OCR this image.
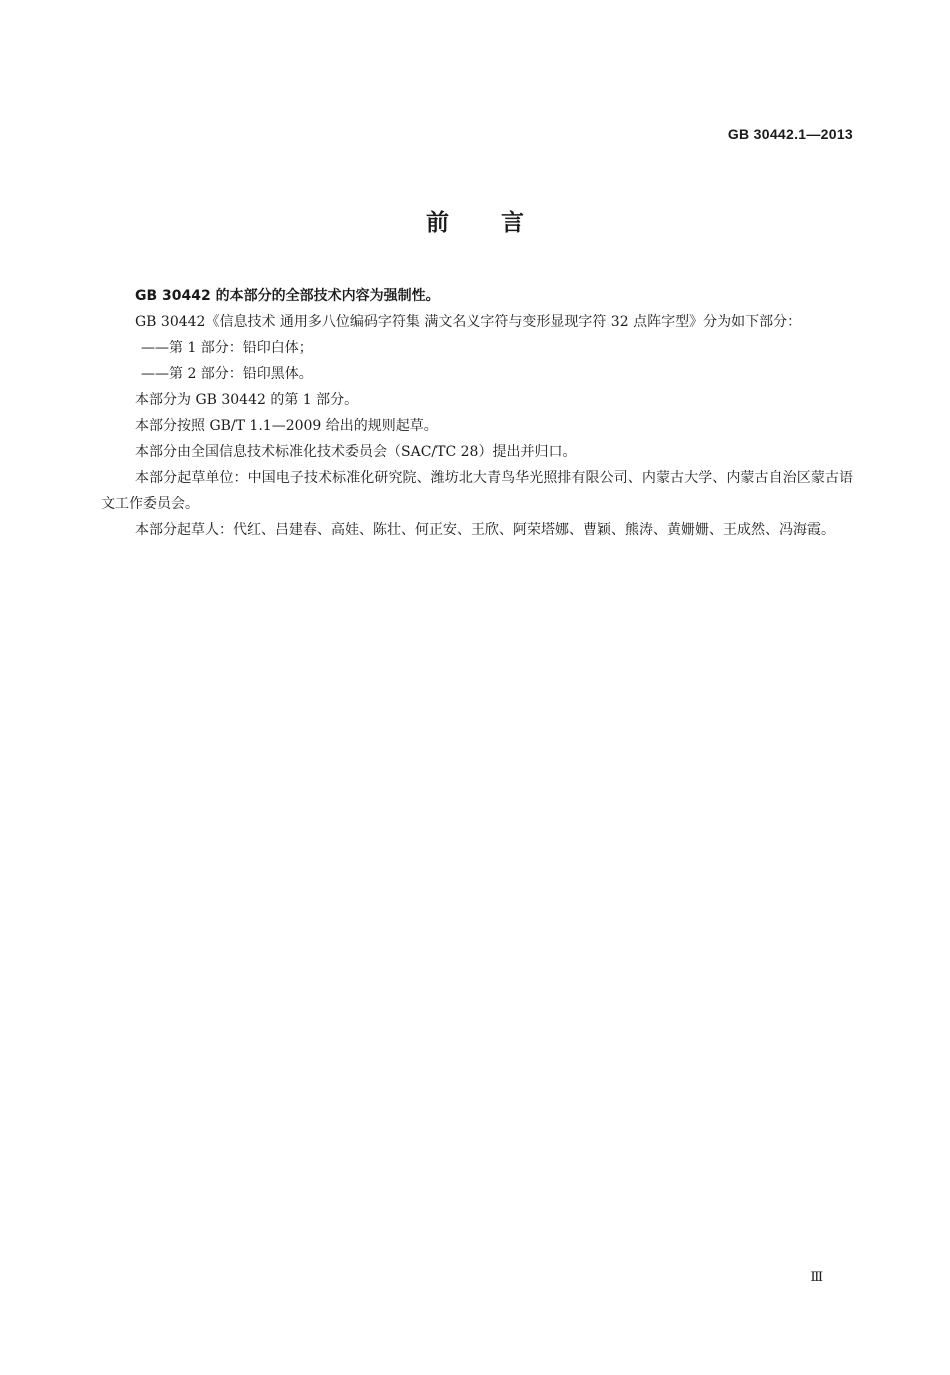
GB 30442.1—2013
前言

GB 30442 的本部分的全部技术内容为强制性。

GB 30442《信息技术 通用多八位编码字符集 满文名义字符与变形显现字符 32 点阵字型》分为如下部分：

——第 1 部分：铅印白体；

——第 2 部分：铅印黑体。

本部分为 GB 30442 的第 1 部分。

本部分按照 GB/T 1.1—2009 给出的规则起草。

本部分由全国信息技术标准化技术委员会（SAC/TC 28）提出并归口。

本部分起草单位：中国电子技术标准化研究院、潍坊北大青鸟华光照排有限公司、内蒙古大学、内蒙古自治区蒙古语文工作委员会。

本部分起草人：代红、吕建春、高娃、陈壮、何正安、王欣、阿荣塔娜、曹颖、熊涛、黄姗姗、王成然、冯海霞。

Ⅲ
